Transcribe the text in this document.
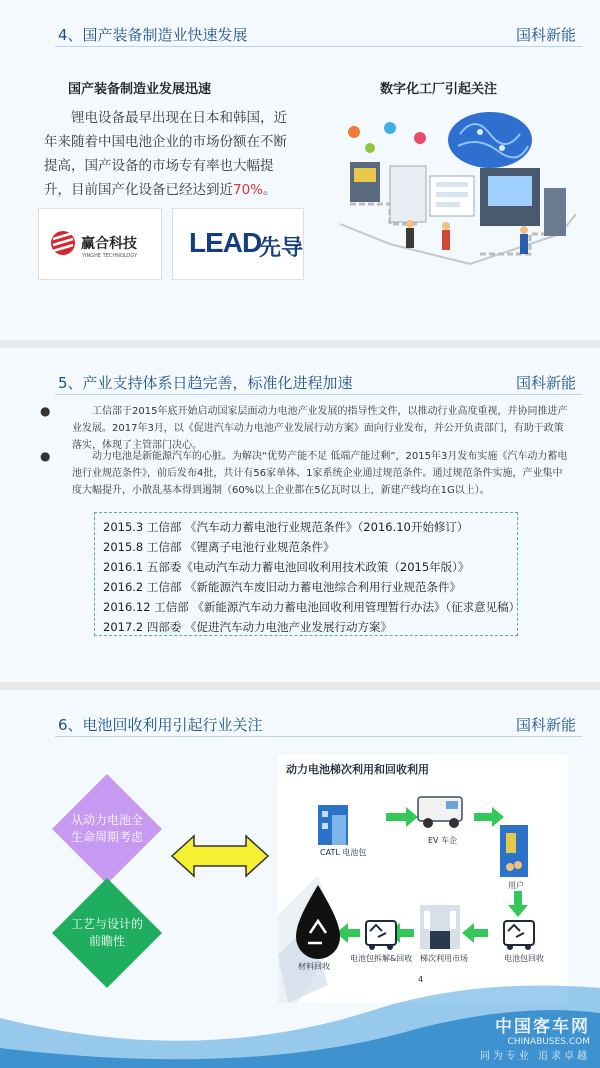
4、国产装备制造业快速发展	国科新能
国产装备制造业发展迅速	数字化工厂引起关注
锂电设备最早出现在日本和韩国，近年来随着中国电池企业的市场份额在不断提高，国产设备的市场专有率也大幅提升，目前国产化设备已经达到近70%。
赢合科技
YINGHE TECHNOLOGY LEAD
先导
5、产业支持体系日趋完善，标准化进程加速	国科新能
●	工信部于2015年底开始启动国家层面动力电池产业发展的指导性文件，以推动行业高度重视，并协同推进产业发展。2017年3月，以《促进汽车动力电池产业发展行动方案》面向行业发布，并公开负责部门，有助于政策落实，体现了主管部门决心。
●	动力电池是新能源汽车的心脏。为解决“优势产能不足 低端产能过剩”，2015年3月发布实施《汽车动力蓄电池行业规范条件》，前后发布4批，共计有56家单体、1家系统企业通过规范条件。通过规范条件实施，产业集中度大幅提升，小散乱基本得到遏制（60%以上企业都在5亿瓦时以上，新建产线均在1G以上）。
2015.3 工信部 《汽车动力蓄电池行业规范条件》（2016.10开始修订）
2015.8 工信部 《锂离子电池行业规范条件》
2016.1 五部委《电动汽车动力蓄电池回收利用技术政策（2015年版）》
2016.2 工信部 《新能源汽车废旧动力蓄电池综合利用行业规范条件》
2016.12 工信部 《新能源汽车动力蓄电池回收利用管理暂行办法》（征求意见稿）
2017.2 四部委 《促进汽车动力电池产业发展行动方案》
6、电池回收利用引起行业关注	国科新能
从动力电池全生命周期考虑
工艺与设计的前瞻性
动力电池梯次利用和回收利用
CATL 电池包
EV 车企
用户
电池包回收
梯次利用市场
电池包拆解&回收
材料回收
4
中国客车网
CHINABUSES.COM
同为专业 追求卓越
